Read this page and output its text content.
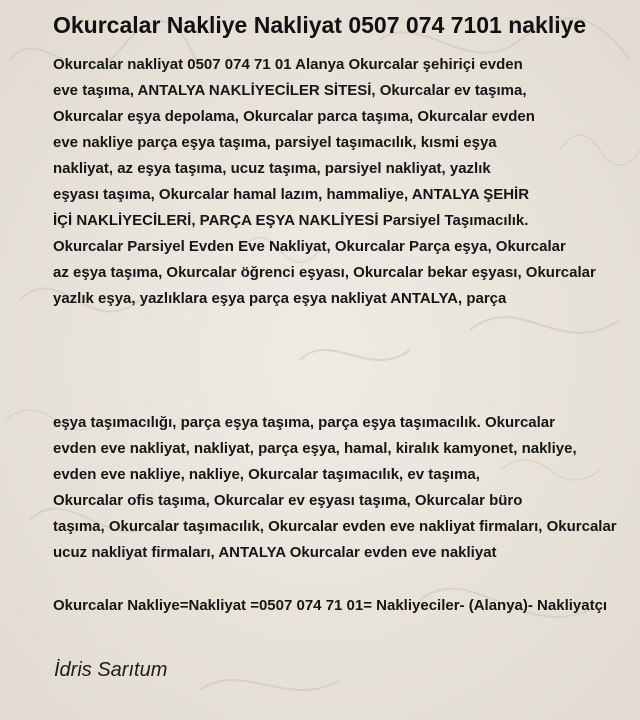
Okurcalar Nakliye Nakliyat 0507 074 7101 nakliye

Okurcalar nakliyat 0507 074 71 01 Alanya Okurcalar şehiriçi evden
eve taşıma, ANTALYA NAKLİYECİLER SİTESİ, Okurcalar ev taşıma,
Okurcalar eşya depolama, Okurcalar parca taşıma, Okurcalar evden
eve nakliye parça eşya taşıma, parsiyel taşımacılık, kısmi eşya
nakliyat, az eşya taşıma, ucuz taşıma, parsiyel nakliyat, yazlık
eşyası taşıma, Okurcalar hamal lazım, hammaliye, ANTALYA ŞEHİR
İÇİ NAKLİYECİLERİ, PARÇA EŞYA NAKLİYESİ Parsiyel Taşımacılık.
Okurcalar Parsiyel Evden Eve Nakliyat, Okurcalar Parça eşya, Okurcalar
az eşya taşıma, Okurcalar öğrenci eşyası, Okurcalar bekar eşyası, Okurcalar
yazlık eşya, yazlıklara eşya parça eşya nakliyat ANTALYA, parça

eşya taşımacılığı, parça eşya taşıma, parça eşya taşımacılık. Okurcalar
evden eve nakliyat, nakliyat, parça eşya, hamal, kiralık kamyonet, nakliye,
evden eve nakliye, nakliye, Okurcalar taşımacılık, ev taşıma,
Okurcalar ofis taşıma, Okurcalar ev eşyası taşıma, Okurcalar büro
taşıma, Okurcalar taşımacılık, Okurcalar evden eve nakliyat firmaları, Okurcalar
ucuz nakliyat firmaları, ANTALYA Okurcalar evden eve nakliyat

Okurcalar Nakliye=Nakliyat =0507 074 71 01= Nakliyeciler- (Alanya)- Nakliyatçı

İdris Sarıtum
